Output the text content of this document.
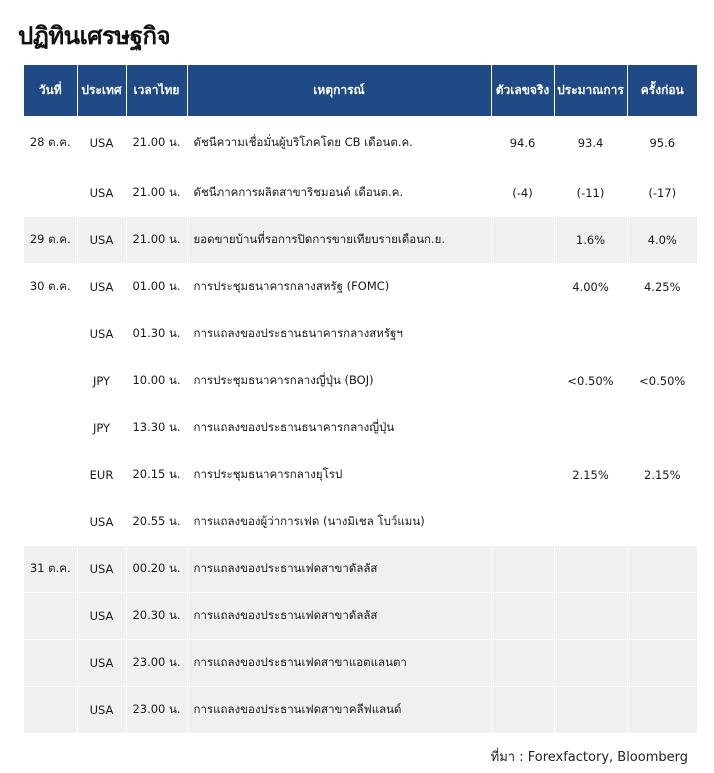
ปฏิทินเศรษฐกิจ
วันที่	ประเทศ	เวลาไทย	เหตุการณ์	ตัวเลขจริง	ประมาณการ	ครั้งก่อน
28 ต.ค.	USA	21.00 น.	ดัชนีความเชื่อมั่นผู้บริโภคโดย CB เดือนต.ค.	94.6	93.4	95.6
	USA	21.00 น.	ดัชนีภาคการผลิตสาขาริชมอนด์ เดือนต.ค.	(-4)	(-11)	(-17)
29 ต.ค.	USA	21.00 น.	ยอดขายบ้านที่รอการปิดการขายเทียบรายเดือนก.ย.		1.6%	4.0%
30 ต.ค.	USA	01.00 น.	การประชุมธนาคารกลางสหรัฐ (FOMC)		4.00%	4.25%
	USA	01.30 น.	การแถลงของประธานธนาคารกลางสหรัฐฯ			
	JPY	10.00 น.	การประชุมธนาคารกลางญี่ปุ่น (BOJ)		<0.50%	<0.50%
	JPY	13.30 น.	การแถลงของประธานธนาคารกลางญี่ปุ่น			
	EUR	20.15 น.	การประชุมธนาคารกลางยุโรป		2.15%	2.15%
	USA	20.55 น.	การแถลงของผู้ว่าการเฟด (นางมิเชล โบว์แมน)			
31 ต.ค.	USA	00.20 น.	การแถลงของประธานเฟดสาขาดัลลัส			
	USA	20.30 น.	การแถลงของประธานเฟดสาขาดัลลัส			
	USA	23.00 น.	การแถลงของประธานเฟดสาขาแอตแลนตา			
	USA	23.00 น.	การแถลงของประธานเฟดสาขาคลีฟแลนด์			
ที่มา : Forexfactory, Bloomberg
